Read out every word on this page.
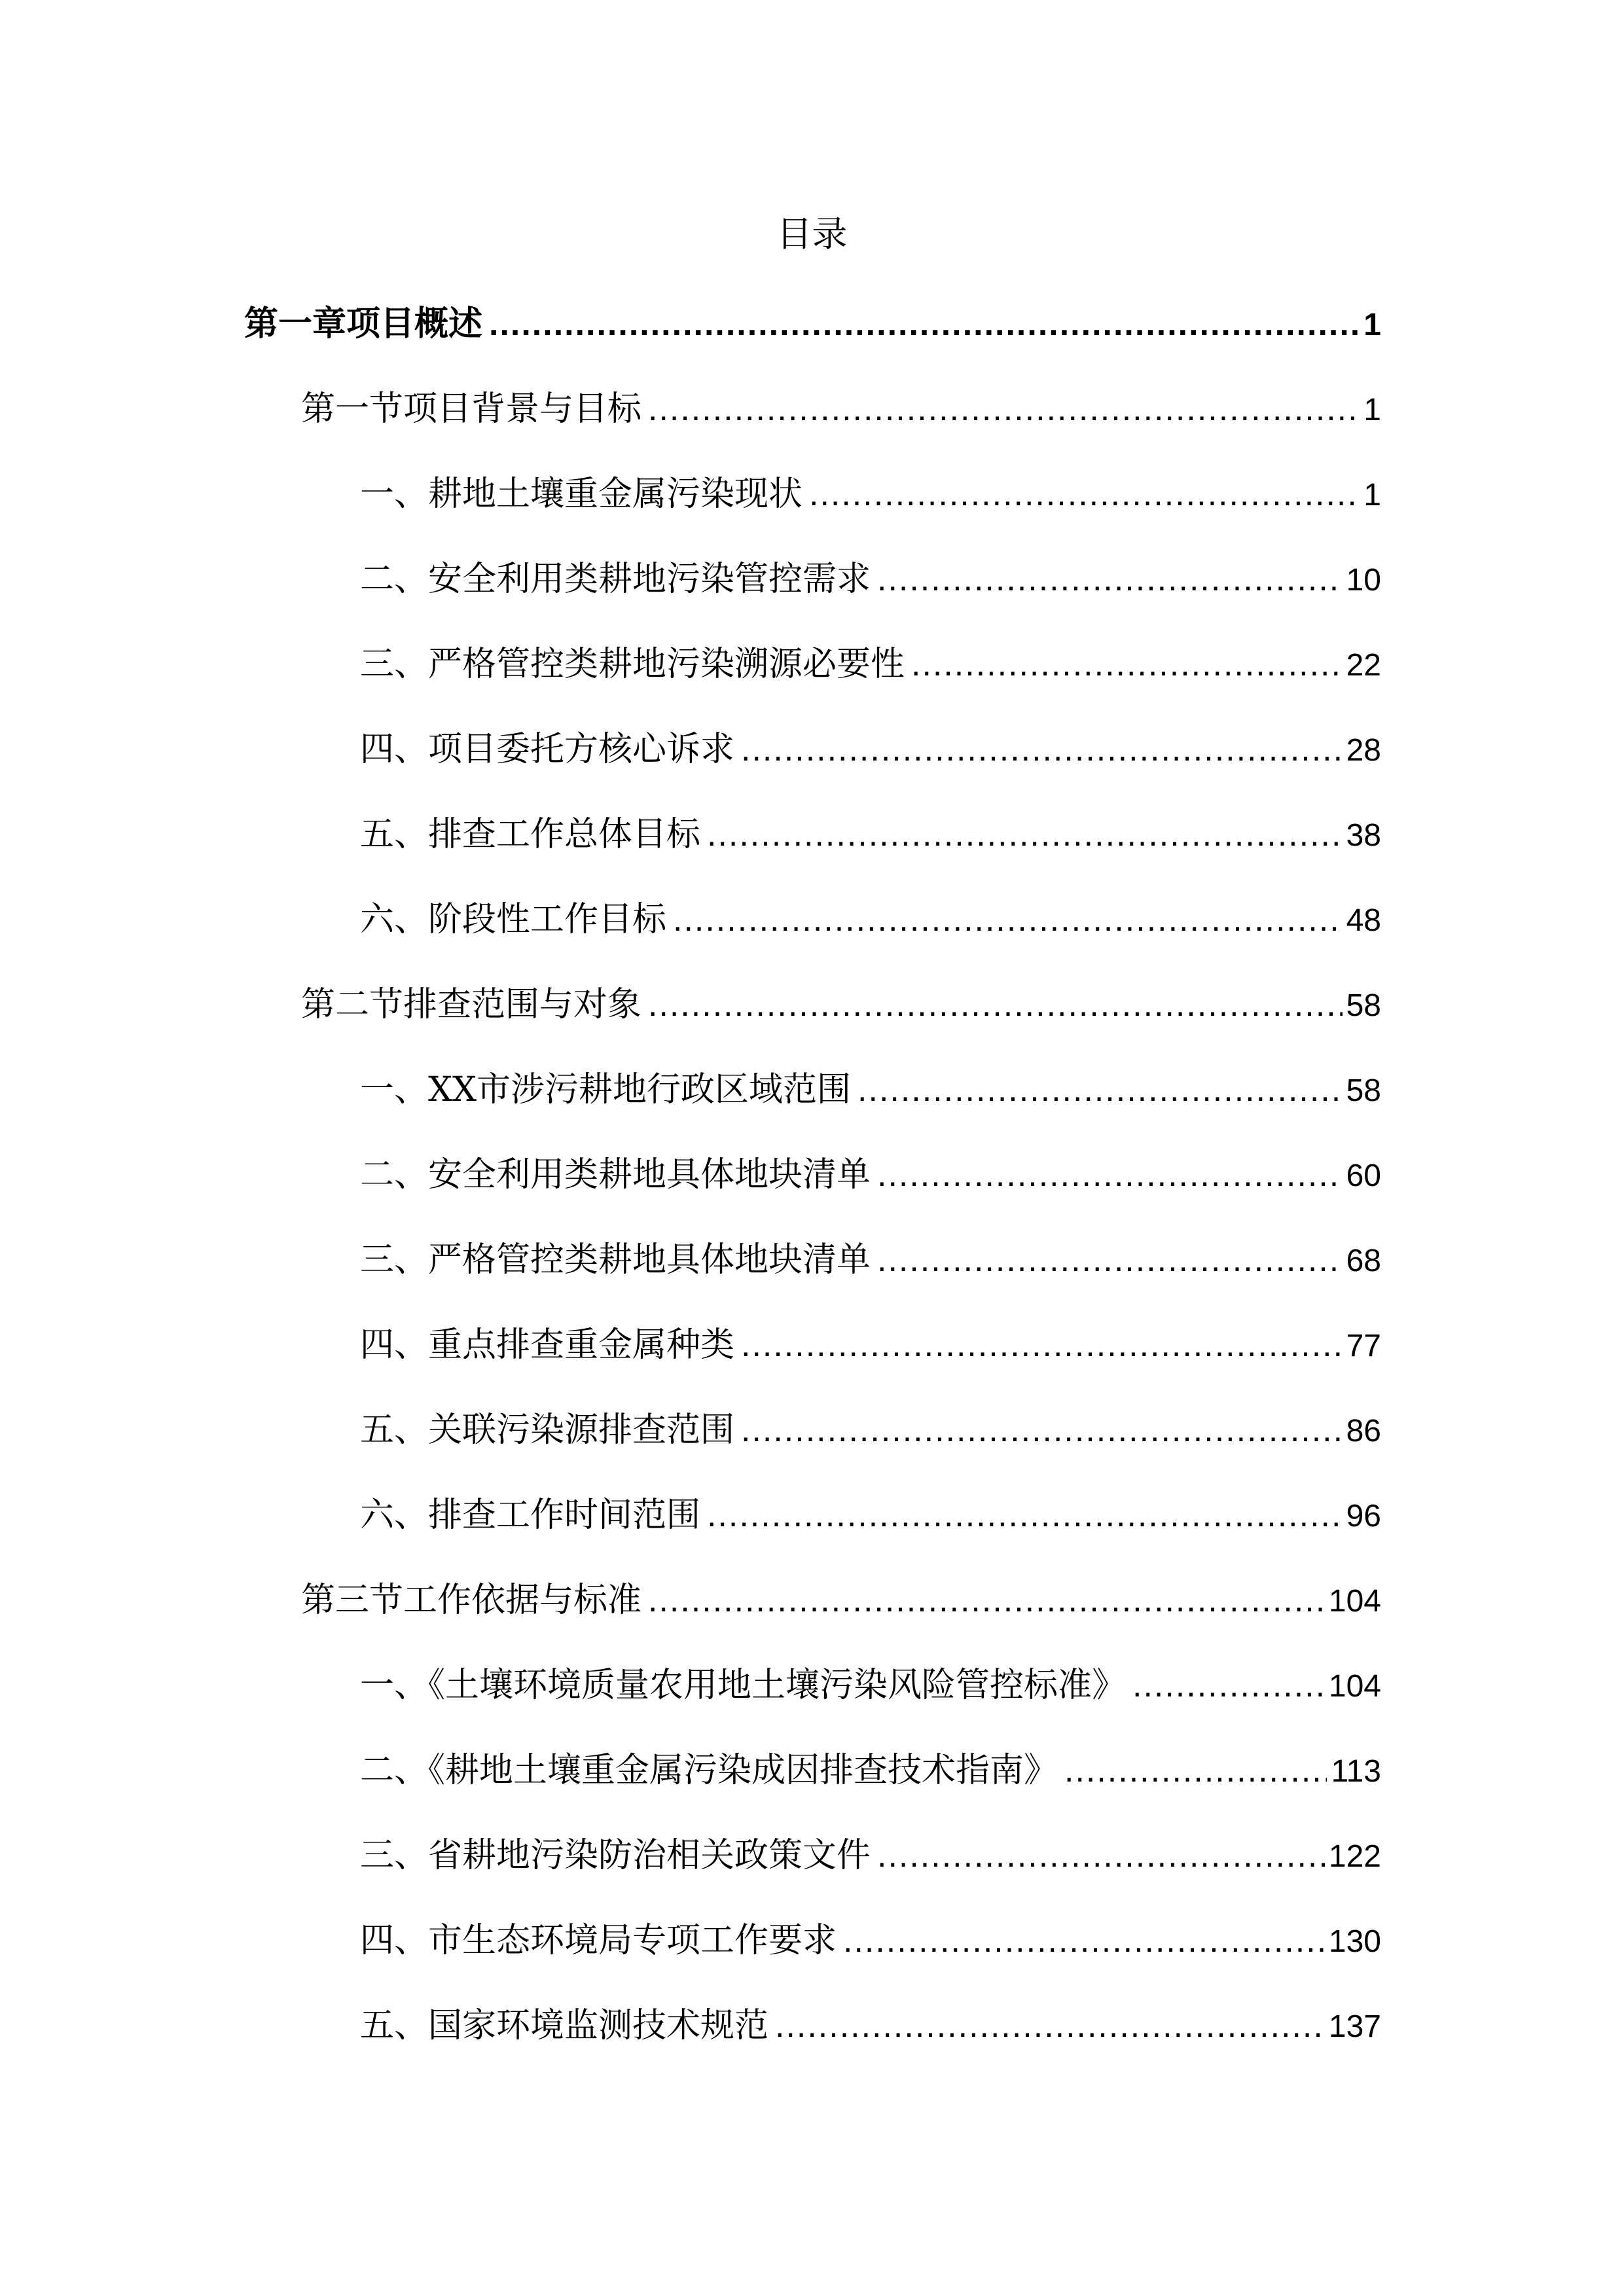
目录
第一章项目概述 .....	1
第一节项目背景与目标 .....	1
一、耕地土壤重金属污染现状 .....	1
二、安全利用类耕地污染管控需求 .....	10
三、严格管控类耕地污染溯源必要性 .....	22
四、项目委托方核心诉求 .....	28
五、排查工作总体目标 .....	38
六、阶段性工作目标 .....	48
第二节排查范围与对象 .....	58
一、XX市涉污耕地行政区域范围 .....	58
二、安全利用类耕地具体地块清单 .....	60
三、严格管控类耕地具体地块清单 .....	68
四、重点排查重金属种类 .....	77
五、关联污染源排查范围 .....	86
六、排查工作时间范围 .....	96
第三节工作依据与标准 .....	104
一、《土壤环境质量农用地土壤污染风险管控标准》 .....	104
二、《耕地土壤重金属污染成因排查技术指南》 .....	113
三、省耕地污染防治相关政策文件 .....	122
四、市生态环境局专项工作要求 .....	130
五、国家环境监测技术规范 .....	137
